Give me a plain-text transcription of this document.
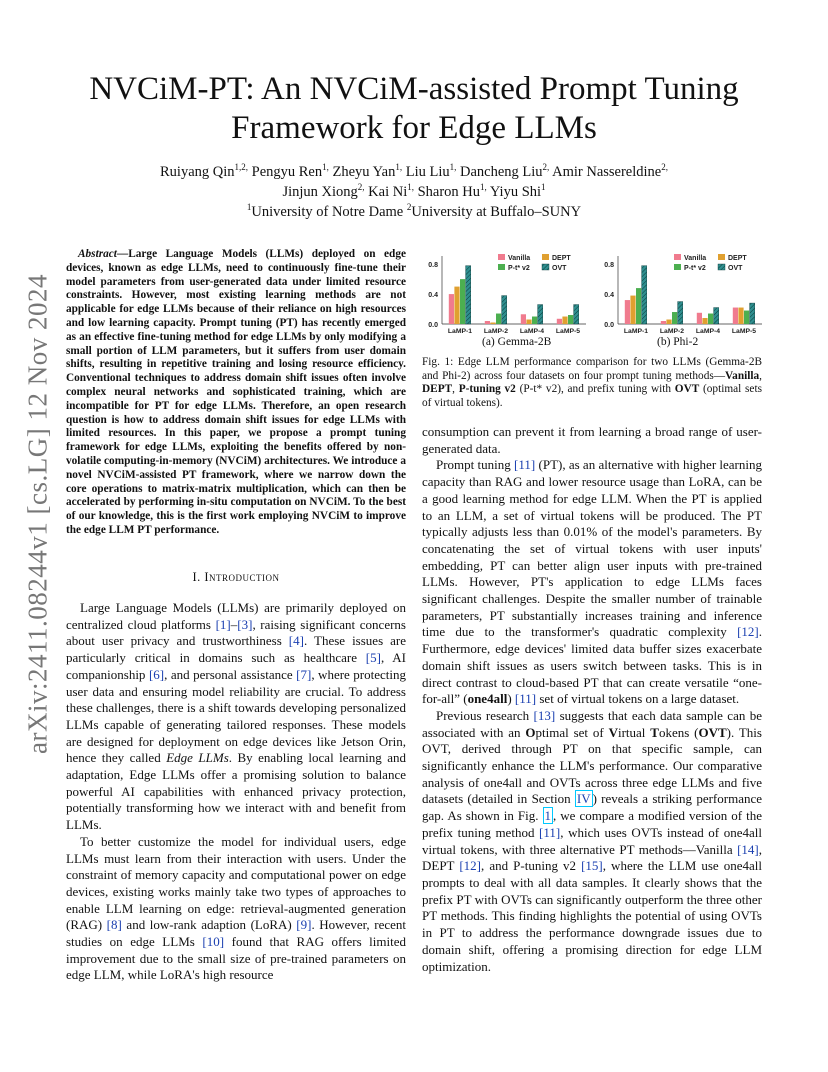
arXiv:2411.08244v1 [cs.LG] 12 Nov 2024
NVCiM-PT: An NVCiM-assisted Prompt Tuning Framework for Edge LLMs
Ruiyang Qin$^{1,2,}$ Pengyu Ren$^{1,}$ Zheyu Yan$^{1,}$ Liu Liu$^{1,}$ Dancheng Liu$^{2,}$ Amir Nassereldine$^{2,}$
Jinjun Xiong$^{2,}$ Kai $Ni^{1,}$ Sharon $Hu^{1,}$ Yiyu Shi$^1$
$^1$University of Notre Dame $^2$University at Buffalo–SUNY
Abstract—Large Language Models (LLMs) deployed on edge devices, known as edge LLMs, need to continuously fine-tune their model parameters from user-generated data under limited resource constraints. However, most existing learning methods are not applicable for edge LLMs because of their reliance on high resources and low learning capacity. Prompt tuning (PT) has recently emerged as an effective fine-tuning method for edge LLMs by only modifying a small portion of LLM parameters, but it suffers from user domain shifts, resulting in repetitive training and losing resource efficiency. Conventional techniques to address domain shift issues often involve complex neural networks and sophisticated training, which are incompatible for PT for edge LLMs. Therefore, an open research question is how to address domain shift issues for edge LLMs with limited resources. In this paper, we propose a prompt tuning framework for edge LLMs, exploiting the benefits offered by non-volatile computing-in-memory (NVCiM) architectures. We introduce a novel NVCiM-assisted PT framework, where we narrow down the core operations to matrix-matrix multiplication, which can then be accelerated by performing in-situ computation on NVCiM. To the best of our knowledge, this is the first work employing NVCiM to improve the edge LLM PT performance.
I. Introduction

Large Language Models (LLMs) are primarily deployed on centralized cloud platforms [ 1 ] –[ 3 ] , raising significant concerns about user privacy and trustworthiness [ 4 ] . These issues are particularly critical in domains such as healthcare [ 5 ] , AI companionship [ 6 ] , and personal assistance [ 7 ] , where protecting user data and ensuring model reliability are crucial. To address these challenges, there is a shift towards developing personalized LLMs capable of generating tailored responses. These models are designed for deployment on edge devices like Jetson Orin, hence they called Edge LLMs. By enabling local learning and adaptation, Edge LLMs offer a promising solution to balance powerful AI capabilities with enhanced privacy protection, potentially transforming how we interact with and benefit from LLMs.

To better customize the model for individual users, edge LLMs must learn from their interaction with users. Under the constraint of memory capacity and computational power on edge devices, existing works mainly take two types of approaches to enable LLM learning on edge: retrieval-augmented generation (RAG) [ 8 ] and low-rank adaption (LoRA) [ 9 ] . However, recent studies on edge LLMs [ 10 ] found that RAG offers limited improvement due to the small size of pre-trained parameters on edge LLM, while LoRA's high resource

0.0
0.4
0.8
LaMP-1 LaMP-2 LaMP-4 LaMP-5
Vanilla	DEPT
P-t* v2	OVT
0.0
0.4
0.8
LaMP-1 LaMP-2 LaMP-4 LaMP-5
Vanilla	DEPT
P-t* v2	OVT
(a) Gemma-2B	(b) Phi-2
Fig. 1: Edge LLM performance comparison for two LLMs (Gemma-2B and Phi-2) across four datasets on four prompt tuning methods—Vanilla, DEPT, P-tuning v2 (P-t* v2), and prefix tuning with OVT (optimal sets of virtual tokens).

consumption can prevent it from learning a broad range of user-generated data.

Prompt tuning [ 11 ] (PT), as an alternative with higher learning capacity than RAG and lower resource usage than LoRA, can be a good learning method for edge LLM. When the PT is applied to an LLM, a set of virtual tokens will be produced. The PT typically adjusts less than 0.01% of the model's parameters. By concatenating the set of virtual tokens with user inputs' embedding, PT can better align user inputs with pre-trained LLMs. However, PT's application to edge LLMs faces significant challenges. Despite the smaller number of trainable parameters, PT substantially increases training and inference time due to the transformer's quadratic complexity [ 12 ] . Furthermore, edge devices' limited data buffer sizes exacerbate domain shift issues as users switch between tasks. This is in direct contrast to cloud-based PT that can create versatile “one-for-all” (one4all) [ 11 ] set of virtual tokens on a large dataset.

Previous research [ 13 ] suggests that each data sample can be associated with an Optimal set of Virtual Tokens (OVT). This OVT, derived through PT on that specific sample, can significantly enhance the LLM's performance. Our comparative analysis of one4all and OVTs across three edge LLMs and five datasets (detailed in Section IV ) reveals a striking performance gap. As shown in Fig. 1 , we compare a modified version of the prefix tuning method [ 11 ] , which uses OVTs instead of one4all virtual tokens, with three alternative PT methods—Vanilla [ 14 ] , DEPT [ 12 ] , and P-tuning v2 [ 15 ] , where the LLM use one4all prompts to deal with all data samples. It clearly shows that the prefix PT with OVTs can significantly outperform the three other PT methods. This finding highlights the potential of using OVTs in PT to address the performance downgrade issues due to domain shift, offering a promising direction for edge LLM optimization.
